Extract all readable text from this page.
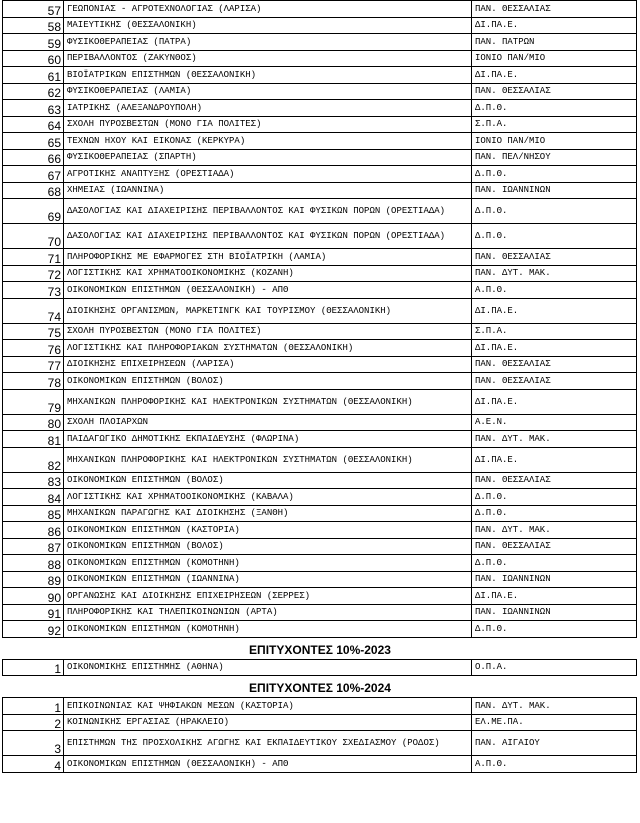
57	ΓΕΩΠΟΝΙΑΣ - ΑΓΡΟΤΕΧΝΟΛΟΓΙΑΣ (ΛΑΡΙΣΑ)	ΠΑΝ. ΘΕΣΣΑΛΙΑΣ
58	ΜΑΙΕΥΤΙΚΗΣ (ΘΕΣΣΑΛΟΝΙΚΗ)	ΔΙ.ΠΑ.Ε.
59	ΦΥΣΙΚΟΘΕΡΑΠΕΙΑΣ (ΠΑΤΡΑ)	ΠΑΝ. ΠΑΤΡΩΝ
60	ΠΕΡΙΒΑΛΛΟΝΤΟΣ (ΖΑΚΥΝΘΟΣ)	ΙΟΝΙΟ ΠΑΝ/ΜΙΟ
61	ΒΙΟΪΑΤΡΙΚΩΝ ΕΠΙΣΤΗΜΩΝ (ΘΕΣΣΑΛΟΝΙΚΗ)	ΔΙ.ΠΑ.Ε.
62	ΦΥΣΙΚΟΘΕΡΑΠΕΙΑΣ (ΛΑΜΙΑ)	ΠΑΝ. ΘΕΣΣΑΛΙΑΣ
63	ΙΑΤΡΙΚΗΣ (ΑΛΕΞΑΝΔΡΟΥΠΟΛΗ)	Δ.Π.Θ.
64	ΣΧΟΛΗ ΠΥΡΟΣΒΕΣΤΩΝ (ΜΟΝΟ ΓΙΑ ΠΟΛΙΤΕΣ)	Σ.Π.Α.
65	ΤΕΧΝΩΝ ΗΧΟΥ ΚΑΙ ΕΙΚΟΝΑΣ (ΚΕΡΚΥΡΑ)	ΙΟΝΙΟ ΠΑΝ/ΜΙΟ
66	ΦΥΣΙΚΟΘΕΡΑΠΕΙΑΣ (ΣΠΑΡΤΗ)	ΠΑΝ. ΠΕΛ/ΝΗΣΟΥ
67	ΑΓΡΟΤΙΚΗΣ ΑΝΑΠΤΥΞΗΣ (ΟΡΕΣΤΙΑΔΑ)	Δ.Π.Θ.
68	ΧΗΜΕΙΑΣ (ΙΩΑΝΝΙΝΑ)	ΠΑΝ. ΙΩΑΝΝΙΝΩΝ
69	ΔΑΣΟΛΟΓΙΑΣ ΚΑΙ ΔΙΑΧΕΙΡΙΣΗΣ ΠΕΡΙΒΑΛΛΟΝΤΟΣ ΚΑΙ ΦΥΣΙΚΩΝ ΠΟΡΩΝ (ΟΡΕΣΤΙΑΔΑ)	Δ.Π.Θ.
70	ΔΑΣΟΛΟΓΙΑΣ ΚΑΙ ΔΙΑΧΕΙΡΙΣΗΣ ΠΕΡΙΒΑΛΛΟΝΤΟΣ ΚΑΙ ΦΥΣΙΚΩΝ ΠΟΡΩΝ (ΟΡΕΣΤΙΑΔΑ)	Δ.Π.Θ.
71	ΠΛΗΡΟΦΟΡΙΚΗΣ ΜΕ ΕΦΑΡΜΟΓΕΣ ΣΤΗ ΒΙΟΪΑΤΡΙΚΗ (ΛΑΜΙΑ)	ΠΑΝ. ΘΕΣΣΑΛΙΑΣ
72	ΛΟΓΙΣΤΙΚΗΣ ΚΑΙ ΧΡΗΜΑΤΟΟΙΚΟΝΟΜΙΚΗΣ (ΚΟΖΑΝΗ)	ΠΑΝ. ΔΥΤ. ΜΑΚ.
73	ΟΙΚΟΝΟΜΙΚΩΝ ΕΠΙΣΤΗΜΩΝ (ΘΕΣΣΑΛΟΝΙΚΗ) - ΑΠΘ	Α.Π.Θ.
74	ΔΙΟΙΚΗΣΗΣ ΟΡΓΑΝΙΣΜΩΝ, ΜΑΡΚΕΤΙΝΓΚ ΚΑΙ ΤΟΥΡΙΣΜΟΥ (ΘΕΣΣΑΛΟΝΙΚΗ)	ΔΙ.ΠΑ.Ε.
75	ΣΧΟΛΗ ΠΥΡΟΣΒΕΣΤΩΝ (ΜΟΝΟ ΓΙΑ ΠΟΛΙΤΕΣ)	Σ.Π.Α.
76	ΛΟΓΙΣΤΙΚΗΣ ΚΑΙ ΠΛΗΡΟΦΟΡΙΑΚΩΝ ΣΥΣΤΗΜΑΤΩΝ (ΘΕΣΣΑΛΟΝΙΚΗ)	ΔΙ.ΠΑ.Ε.
77	ΔΙΟΙΚΗΣΗΣ ΕΠΙΧΕΙΡΗΣΕΩΝ (ΛΑΡΙΣΑ)	ΠΑΝ. ΘΕΣΣΑΛΙΑΣ
78	ΟΙΚΟΝΟΜΙΚΩΝ ΕΠΙΣΤΗΜΩΝ (ΒΟΛΟΣ)	ΠΑΝ. ΘΕΣΣΑΛΙΑΣ
79	ΜΗΧΑΝΙΚΩΝ ΠΛΗΡΟΦΟΡΙΚΗΣ ΚΑΙ ΗΛΕΚΤΡΟΝΙΚΩΝ ΣΥΣΤΗΜΑΤΩΝ (ΘΕΣΣΑΛΟΝΙΚΗ)	ΔΙ.ΠΑ.Ε.
80	ΣΧΟΛΗ ΠΛΟΙΑΡΧΩΝ	Α.Ε.Ν.
81	ΠΑΙΔΑΓΩΓΙΚΟ ΔΗΜΟΤΙΚΗΣ ΕΚΠΑΙΔΕΥΣΗΣ (ΦΛΩΡΙΝΑ)	ΠΑΝ. ΔΥΤ. ΜΑΚ.
82	ΜΗΧΑΝΙΚΩΝ ΠΛΗΡΟΦΟΡΙΚΗΣ ΚΑΙ ΗΛΕΚΤΡΟΝΙΚΩΝ ΣΥΣΤΗΜΑΤΩΝ (ΘΕΣΣΑΛΟΝΙΚΗ)	ΔΙ.ΠΑ.Ε.
83	ΟΙΚΟΝΟΜΙΚΩΝ ΕΠΙΣΤΗΜΩΝ (ΒΟΛΟΣ)	ΠΑΝ. ΘΕΣΣΑΛΙΑΣ
84	ΛΟΓΙΣΤΙΚΗΣ ΚΑΙ ΧΡΗΜΑΤΟΟΙΚΟΝΟΜΙΚΗΣ (ΚΑΒΑΛΑ)	Δ.Π.Θ.
85	ΜΗΧΑΝΙΚΩΝ ΠΑΡΑΓΩΓΗΣ ΚΑΙ ΔΙΟΙΚΗΣΗΣ (ΞΑΝΘΗ)	Δ.Π.Θ.
86	ΟΙΚΟΝΟΜΙΚΩΝ ΕΠΙΣΤΗΜΩΝ (ΚΑΣΤΟΡΙΑ)	ΠΑΝ. ΔΥΤ. ΜΑΚ.
87	ΟΙΚΟΝΟΜΙΚΩΝ ΕΠΙΣΤΗΜΩΝ (ΒΟΛΟΣ)	ΠΑΝ. ΘΕΣΣΑΛΙΑΣ
88	ΟΙΚΟΝΟΜΙΚΩΝ ΕΠΙΣΤΗΜΩΝ (ΚΟΜΟΤΗΝΗ)	Δ.Π.Θ.
89	ΟΙΚΟΝΟΜΙΚΩΝ ΕΠΙΣΤΗΜΩΝ (ΙΩΑΝΝΙΝΑ)	ΠΑΝ. ΙΩΑΝΝΙΝΩΝ
90	ΟΡΓΑΝΩΣΗΣ ΚΑΙ ΔΙΟΙΚΗΣΗΣ ΕΠΙΧΕΙΡΗΣΕΩΝ (ΣΕΡΡΕΣ)	ΔΙ.ΠΑ.Ε.
91	ΠΛΗΡΟΦΟΡΙΚΗΣ ΚΑΙ ΤΗΛΕΠΙΚΟΙΝΩΝΙΩΝ (ΑΡΤΑ)	ΠΑΝ. ΙΩΑΝΝΙΝΩΝ
92	ΟΙΚΟΝΟΜΙΚΩΝ ΕΠΙΣΤΗΜΩΝ (ΚΟΜΟΤΗΝΗ)	Δ.Π.Θ.
ΕΠΙΤΥΧΟΝΤΕΣ 10%-2023
1	ΟΙΚΟΝΟΜΙΚΗΣ ΕΠΙΣΤΗΜΗΣ (ΑΘΗΝΑ)	Ο.Π.Α.
ΕΠΙΤΥΧΟΝΤΕΣ 10%-2024
1	ΕΠΙΚΟΙΝΩΝΙΑΣ ΚΑΙ ΨΗΦΙΑΚΩΝ ΜΕΣΩΝ (ΚΑΣΤΟΡΙΑ)	ΠΑΝ. ΔΥΤ. ΜΑΚ.
2	ΚΟΙΝΩΝΙΚΗΣ ΕΡΓΑΣΙΑΣ (ΗΡΑΚΛΕΙΟ)	ΕΛ.ΜΕ.ΠΑ.
3	ΕΠΙΣΤΗΜΩΝ ΤΗΣ ΠΡΟΣΧΟΛΙΚΗΣ ΑΓΩΓΗΣ ΚΑΙ ΕΚΠΑΙΔΕΥΤΙΚΟΥ ΣΧΕΔΙΑΣΜΟΥ (ΡΟΔΟΣ)	ΠΑΝ. ΑΙΓΑΙΟΥ
4	ΟΙΚΟΝΟΜΙΚΩΝ ΕΠΙΣΤΗΜΩΝ (ΘΕΣΣΑΛΟΝΙΚΗ) - ΑΠΘ	Α.Π.Θ.
